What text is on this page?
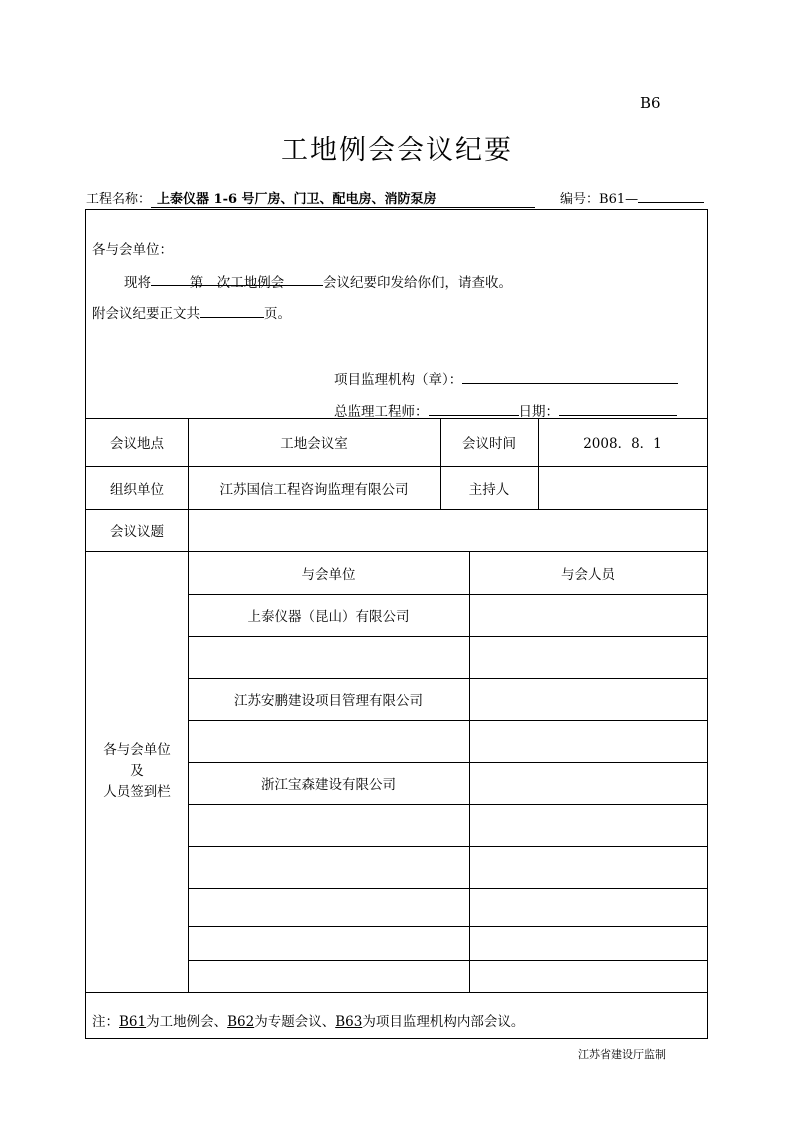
B6
工地例会会议纪要
工程名称： 上泰仪器 1-6 号厂房、门卫、配电房、消防泵房	编号：B61—
各与会单位：
现将	第　次工地例会	会议纪要印发给你们，请查收。
附会议纪要正文共	页。
项目监理机构（章）：
总监理工程师：	日期：
会议地点	工地会议室	会议时间	2008．8．1
组织单位	江苏国信工程咨询监理有限公司	主持人
会议议题
各与会单位
及
人员签到栏
与会单位	与会人员
上泰仪器（昆山）有限公司
江苏安鹏建设项目管理有限公司
浙江宝森建设有限公司
注：B61为工地例会、B62为专题会议、B63为项目监理机构内部会议。
江苏省建设厅监制
